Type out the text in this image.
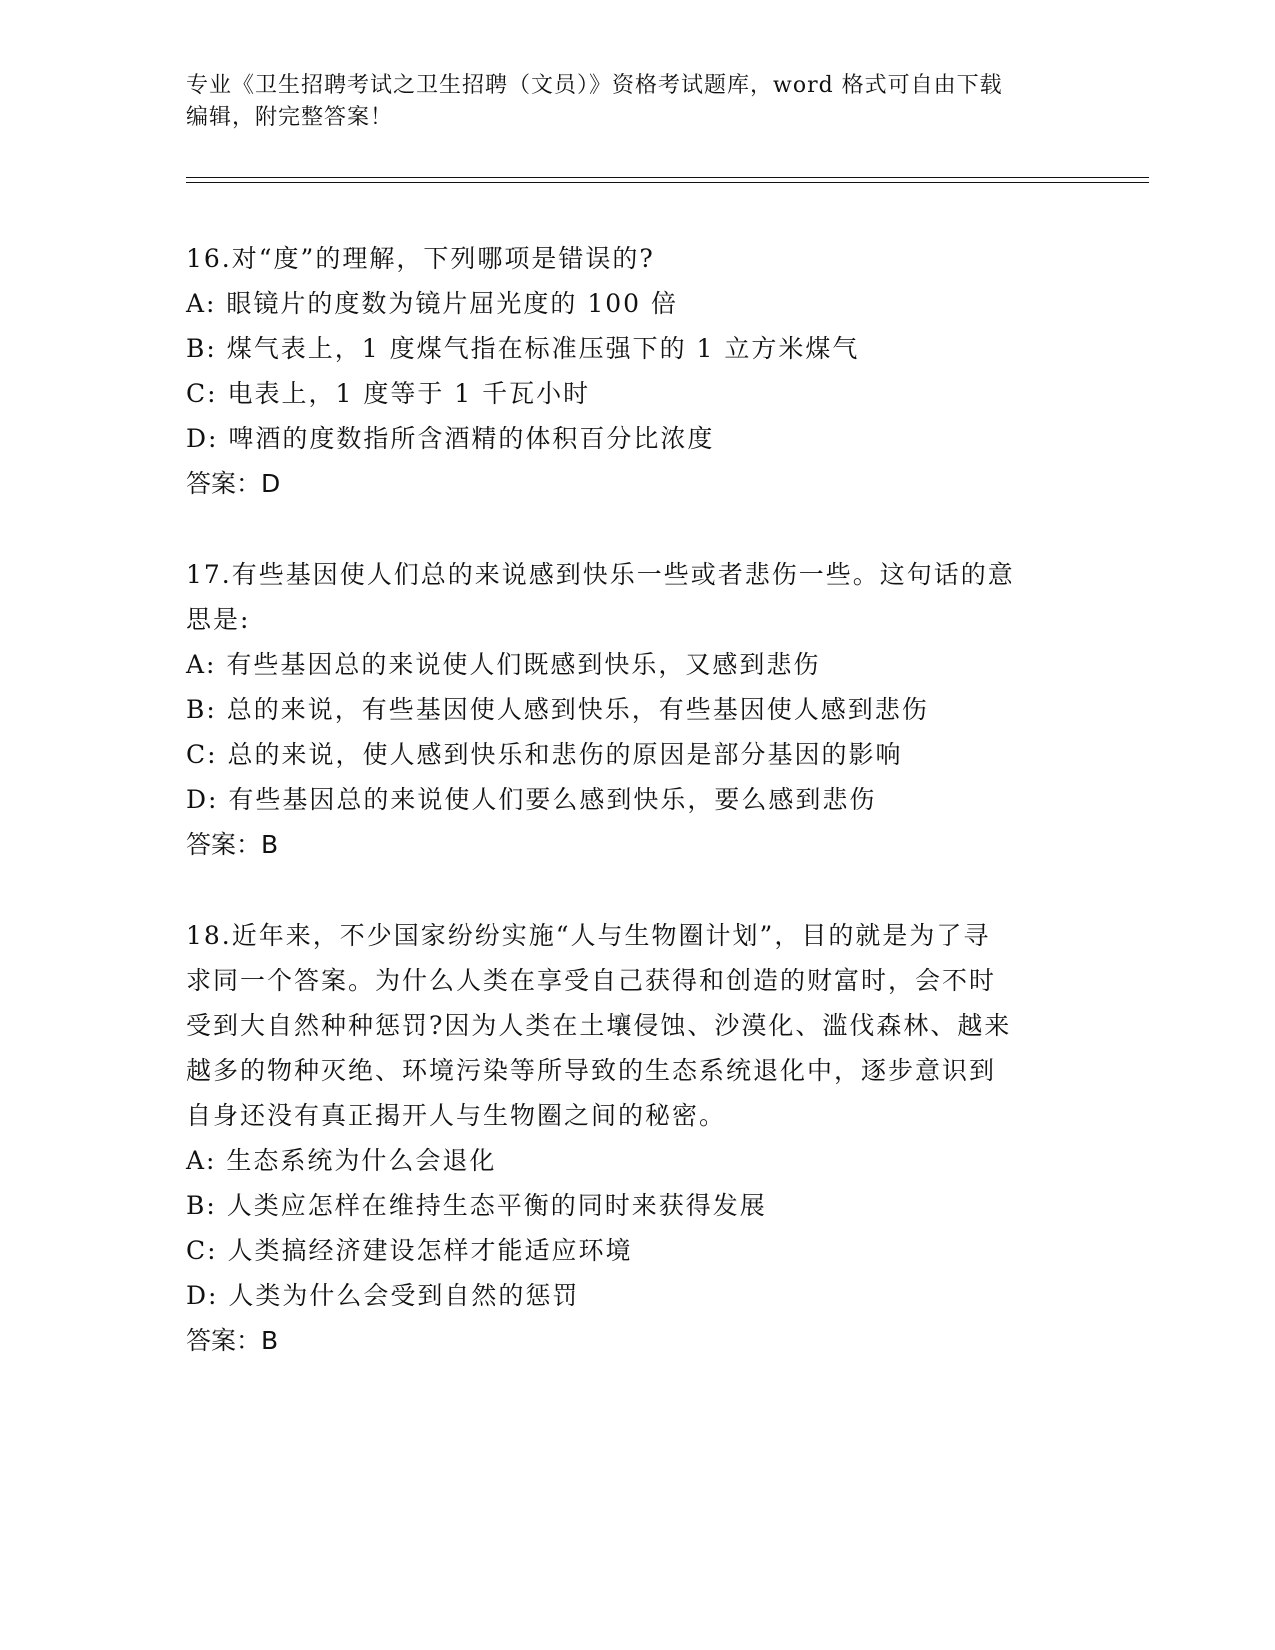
专业《卫生招聘考试之卫生招聘（文员）》资格考试题库，word 格式可自由下载
编辑，附完整答案！

16.对“度”的理解，下列哪项是错误的?

A: 眼镜片的度数为镜片屈光度的 100 倍

B: 煤气表上，1 度煤气指在标准压强下的 1 立方米煤气

C: 电表上，1 度等于 1 千瓦小时

D: 啤酒的度数指所含酒精的体积百分比浓度

答案：D

17.有些基因使人们总的来说感到快乐一些或者悲伤一些。这句话的意

思是:

A: 有些基因总的来说使人们既感到快乐，又感到悲伤

B: 总的来说，有些基因使人感到快乐，有些基因使人感到悲伤

C: 总的来说，使人感到快乐和悲伤的原因是部分基因的影响

D: 有些基因总的来说使人们要么感到快乐，要么感到悲伤

答案：B

18.近年来，不少国家纷纷实施“人与生物圈计划”，目的就是为了寻

求同一个答案。为什么人类在享受自己获得和创造的财富时，会不时

受到大自然种种惩罚?因为人类在土壤侵蚀、沙漠化、滥伐森林、越来

越多的物种灭绝、环境污染等所导致的生态系统退化中，逐步意识到

自身还没有真正揭开人与生物圈之间的秘密。

A: 生态系统为什么会退化

B: 人类应怎样在维持生态平衡的同时来获得发展

C: 人类搞经济建设怎样才能适应环境

D: 人类为什么会受到自然的惩罚

答案：B
